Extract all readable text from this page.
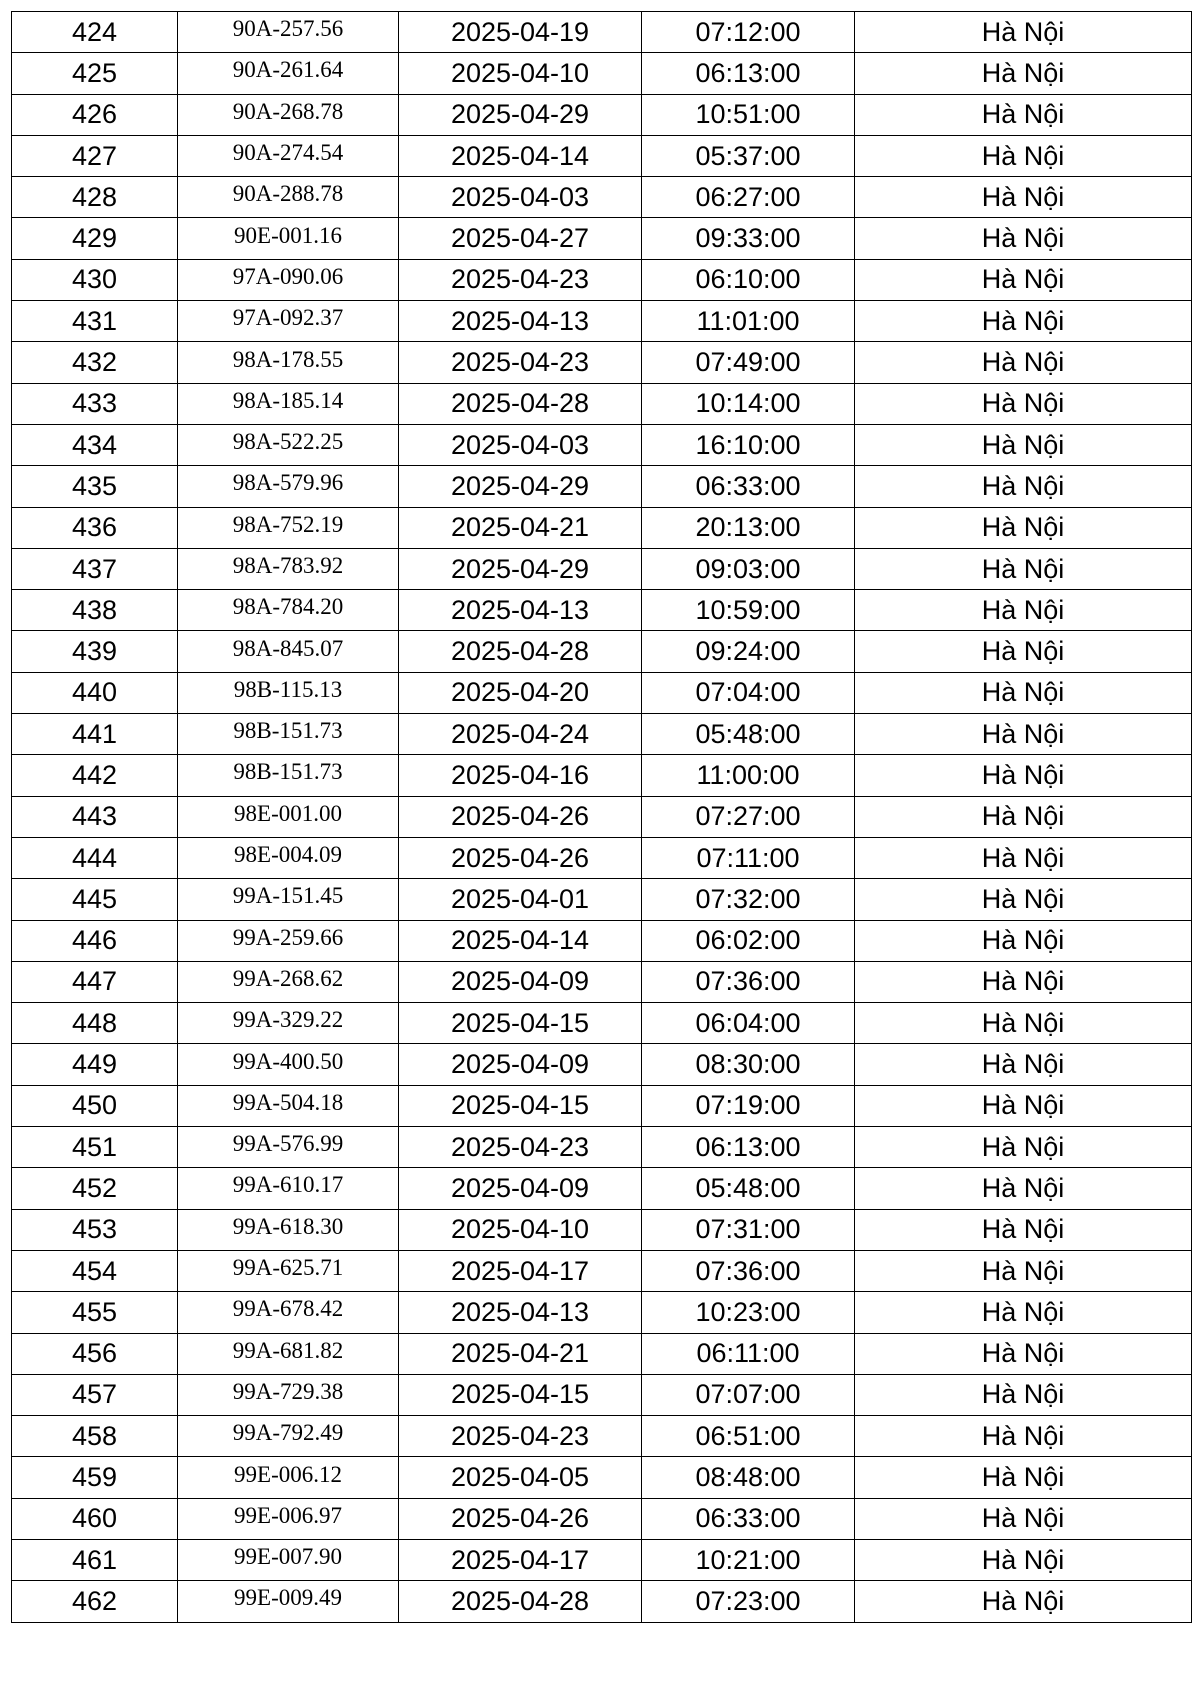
424	90A-257.56	2025-04-19	07:12:00	Hà Nội
425	90A-261.64	2025-04-10	06:13:00	Hà Nội
426	90A-268.78	2025-04-29	10:51:00	Hà Nội
427	90A-274.54	2025-04-14	05:37:00	Hà Nội
428	90A-288.78	2025-04-03	06:27:00	Hà Nội
429	90E-001.16	2025-04-27	09:33:00	Hà Nội
430	97A-090.06	2025-04-23	06:10:00	Hà Nội
431	97A-092.37	2025-04-13	11:01:00	Hà Nội
432	98A-178.55	2025-04-23	07:49:00	Hà Nội
433	98A-185.14	2025-04-28	10:14:00	Hà Nội
434	98A-522.25	2025-04-03	16:10:00	Hà Nội
435	98A-579.96	2025-04-29	06:33:00	Hà Nội
436	98A-752.19	2025-04-21	20:13:00	Hà Nội
437	98A-783.92	2025-04-29	09:03:00	Hà Nội
438	98A-784.20	2025-04-13	10:59:00	Hà Nội
439	98A-845.07	2025-04-28	09:24:00	Hà Nội
440	98B-115.13	2025-04-20	07:04:00	Hà Nội
441	98B-151.73	2025-04-24	05:48:00	Hà Nội
442	98B-151.73	2025-04-16	11:00:00	Hà Nội
443	98E-001.00	2025-04-26	07:27:00	Hà Nội
444	98E-004.09	2025-04-26	07:11:00	Hà Nội
445	99A-151.45	2025-04-01	07:32:00	Hà Nội
446	99A-259.66	2025-04-14	06:02:00	Hà Nội
447	99A-268.62	2025-04-09	07:36:00	Hà Nội
448	99A-329.22	2025-04-15	06:04:00	Hà Nội
449	99A-400.50	2025-04-09	08:30:00	Hà Nội
450	99A-504.18	2025-04-15	07:19:00	Hà Nội
451	99A-576.99	2025-04-23	06:13:00	Hà Nội
452	99A-610.17	2025-04-09	05:48:00	Hà Nội
453	99A-618.30	2025-04-10	07:31:00	Hà Nội
454	99A-625.71	2025-04-17	07:36:00	Hà Nội
455	99A-678.42	2025-04-13	10:23:00	Hà Nội
456	99A-681.82	2025-04-21	06:11:00	Hà Nội
457	99A-729.38	2025-04-15	07:07:00	Hà Nội
458	99A-792.49	2025-04-23	06:51:00	Hà Nội
459	99E-006.12	2025-04-05	08:48:00	Hà Nội
460	99E-006.97	2025-04-26	06:33:00	Hà Nội
461	99E-007.90	2025-04-17	10:21:00	Hà Nội
462	99E-009.49	2025-04-28	07:23:00	Hà Nội
